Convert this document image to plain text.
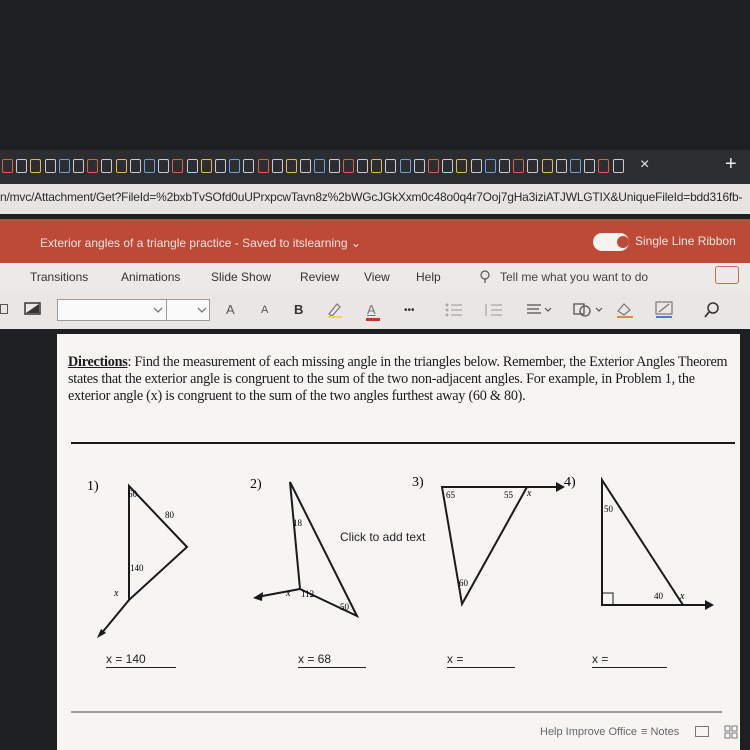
×	+
n/mvc/Attachment/Get?FileId=%2bxbTvSOfd0uUPrxpcwTavn8z%2bWGcJGkXxm0c48o0q4r7Ooj7gHa3iziATJWLGTIX&UniqueFileId=bdd316fb-
Exterior angles of a triangle practice - Saved to itslearning ⌄	Single Line Ribbon
Transitions	Animations	Slide Show Review View Help	Tell me what you want to do
A A B	A	•••
Directions: Find the measurement of each missing angle in the triangles below. Remember, the Exterior Angles Theorem states that the exterior angle is congruent to the sum of the two non-adjacent angles. For example, in Problem 1, the exterior angle (x) is congruent to the sum of the two angles furthest away (60 & 80).
1)	60
80
140
x
2)
18
112
50
x
3)
65	55
60
x
4)
50
40 x
Click to add text
x = 140	x = 68	x =	x =
Help Improve Office ≡ Notes
